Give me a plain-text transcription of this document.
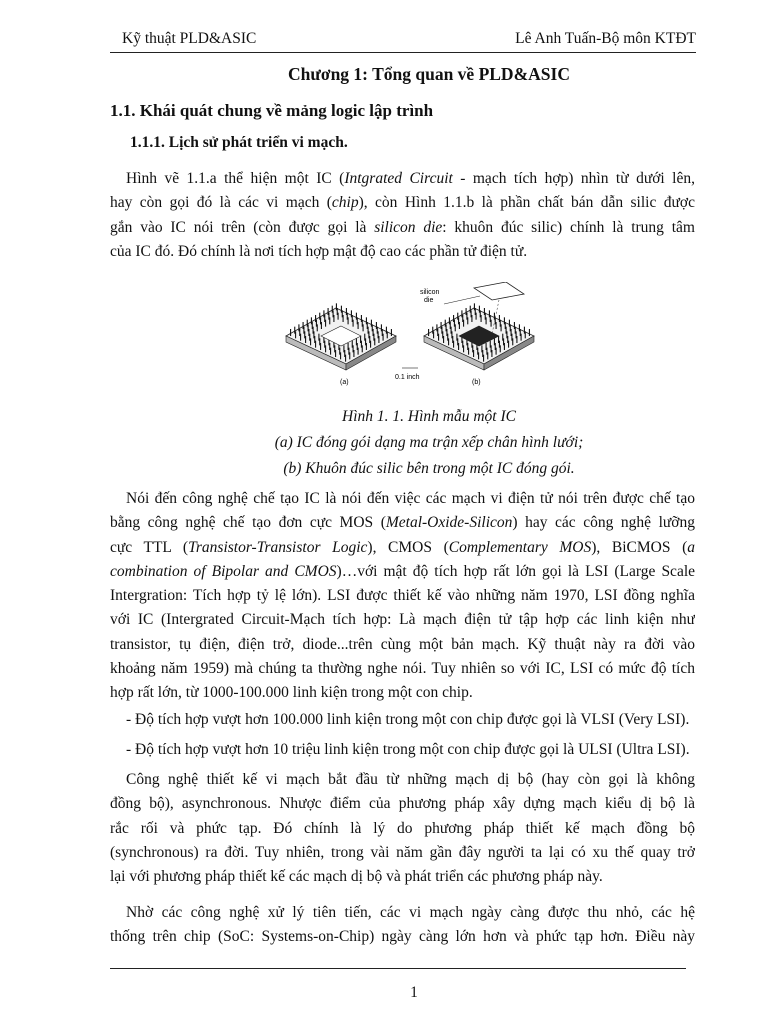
Kỹ thuật PLD&ASIC	Lê Anh Tuấn-Bộ môn KTĐT
Chương 1: Tổng quan về PLD&ASIC
1.1. Khái quát chung về mảng logic lập trình
1.1.1. Lịch sử phát triển vi mạch.
Hình vẽ 1.1.a thể hiện một IC (Intgrated Circuit - mạch tích hợp) nhìn từ dưới lên,
hay còn gọi đó là các vi mạch (chip), còn Hình 1.1.b là phần chất bán dẫn silic được
gắn vào IC nói trên (còn được gọi là silicon die: khuôn đúc silic) chính là trung tâm
của IC đó. Đó chính là nơi tích hợp mật độ cao các phần tử điện tử.
silicon
die
0.1 inch
(a)	(b)
Hình 1. 1. Hình mẫu một IC
(a) IC đóng gói dạng ma trận xếp chân hình lưới;
(b) Khuôn đúc silic bên trong một IC đóng gói.
Nói đến công nghệ chế tạo IC là nói đến việc các mạch vi điện tử nói trên được chế tạo
bằng công nghệ chế tạo đơn cực MOS (Metal-Oxide-Silicon) hay các công nghệ lưỡng
cực TTL (Transistor-Transistor Logic), CMOS (Complementary MOS), BiCMOS (a
combination of Bipolar and CMOS)…với mật độ tích hợp rất lớn gọi là LSI (Large Scale
Intergration: Tích hợp tỷ lệ lớn). LSI được thiết kế vào những năm 1970, LSI đồng nghĩa
với IC (Intergrated Circuit-Mạch tích hợp: Là mạch điện tử tập hợp các linh kiện như
transistor, tụ điện, điện trở, diode...trên cùng một bản mạch. Kỹ thuật này ra đời vào
khoảng năm 1959) mà chúng ta thường nghe nói. Tuy nhiên so với IC, LSI có mức độ tích
hợp rất lớn, từ 1000-100.000 linh kiện trong một con chip.
- Độ tích hợp vượt hơn 100.000 linh kiện trong một con chip được gọi là VLSI (Very LSI).
- Độ tích hợp vượt hơn 10 triệu linh kiện trong một con chip được gọi là ULSI (Ultra LSI).
Công nghệ thiết kế vi mạch bắt đầu từ những mạch dị bộ (hay còn gọi là không
đồng bộ), asynchronous. Nhược điểm của phương pháp xây dựng mạch kiểu dị bộ là
rắc rối và phức tạp. Đó chính là lý do phương pháp thiết kế mạch đồng bộ
(synchronous) ra đời. Tuy nhiên, trong vài năm gần đây người ta lại có xu thế quay trở
lại với phương pháp thiết kế các mạch dị bộ và phát triển các phương pháp này.
Nhờ các công nghệ xử lý tiên tiến, các vi mạch ngày càng được thu nhỏ, các hệ
thống trên chip (SoC: Systems-on-Chip) ngày càng lớn hơn và phức tạp hơn. Điều này
1
